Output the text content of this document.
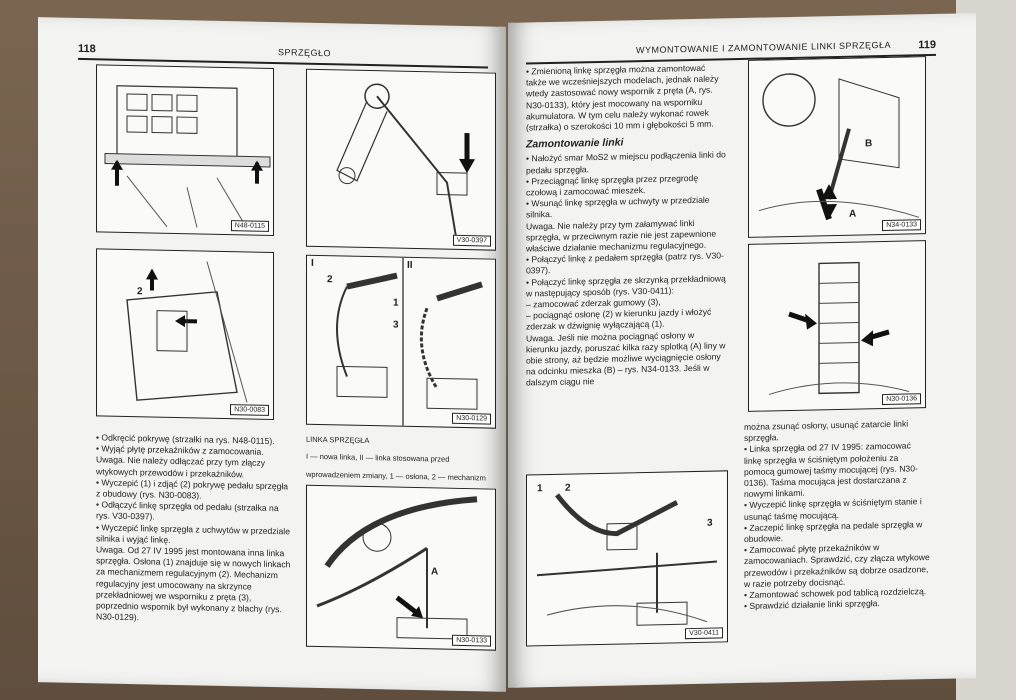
118	SPRZĘGŁO
N48-0115
V30-0397
2
N30-0083
I	II
2
1
3
N30-0129

LINKA SPRZĘGŁA

I — nowa linka, II — linka stosowana przed

wprowadzeniem zmiany, 1 — osłona, 2 — mechanizm

A
N30-0133

• Odkręcić pokrywę (strzałki na rys. N48-0115).

• Wyjąć płytę przekaźników z zamocowania.

Uwaga. Nie należy odłączać przy tym złączy wtykowych przewodów i przekaźników.

• Wyczepić (1) i zdjąć (2) pokrywę pedału sprzęgła z obudowy (rys. N30-0083).

• Odłączyć linkę sprzęgła od pedału (strzałka na rys. V30-0397).

• Wyczepić linkę sprzęgła z uchwytów w przedziale silnika i wyjąć linkę.

Uwaga. Od 27 IV 1995 jest montowana inna linka sprzęgła. Osłona (1) znajduje się w nowych linkach za mechanizmem regulacyjnym (2). Mechanizm regulacyjny jest umocowany na skrzynce przekładniowej we wsporniku z pręta (3), poprzednio wspornik był wykonany z blachy (rys. N30-0129).

WYMONTOWANIE I ZAMONTOWANIE LINKI SPRZĘGŁA 119

• Zmienioną linkę sprzęgła można zamontować także we wcześniejszych modelach, jednak należy wtedy zastosować nowy wspornik z pręta (A, rys. N30-0133), który jest mocowany na wsporniku akumulatora. W tym celu należy wykonać rowek (strzałka) o szerokości 10 mm i głębokości 5 mm.

Zamontowanie linki

• Nałożyć smar MoS2 w miejscu podłączenia linki do pedału sprzęgła.

• Przeciągnąć linkę sprzęgła przez przegrodę czołową i zamocować mieszek.

• Wsunąć linkę sprzęgła w uchwyty w przedziale silnika.

Uwaga. Nie należy przy tym załamywać linki sprzęgła, w przeciwnym razie nie jest zapewnione właściwe działanie mechanizmu regulacyjnego.

• Połączyć linkę z pedałem sprzęgła (patrz rys. V30-0397).

• Połączyć linkę sprzęgła ze skrzynką przekładniową w następujący sposób (rys. V30-0411):

– zamocować zderzak gumowy (3),

– pociągnąć osłonę (2) w kierunku jazdy i włożyć zderzak w dźwignię wyłączającą (1).

Uwaga. Jeśli nie można pociągnąć osłony w kierunku jazdy, poruszać kilka razy splotką (A) liny w obie strony, aż będzie możliwe wyciągnięcie osłony na odcinku mieszka (B) – rys. N34-0133. Jeśli w dalszym ciągu nie

B
A
N34-0133
N30-0136
1 2
3
V30-0411

można zsunąć osłony, usunąć zatarcie linki sprzęgła.

• Linka sprzęgła od 27 IV 1995: zamocować linkę sprzęgła w ściśniętym położeniu za pomocą gumowej taśmy mocującej (rys. N30-0136). Taśma mocująca jest dostarczana z nowymi linkami.

• Wyczepić linkę sprzęgła w ściśniętym stanie i usunąć taśmę mocującą.

• Zaczepić linkę sprzęgła na pedale sprzęgła w obudowie.

• Zamocować płytę przekaźników w zamocowaniach. Sprawdzić, czy złącza wtykowe przewodów i przekaźników są dobrze osadzone, w razie potrzeby docisnąć.

• Zamontować schowek pod tablicą rozdzielczą.

• Sprawdzić działanie linki sprzęgła.
